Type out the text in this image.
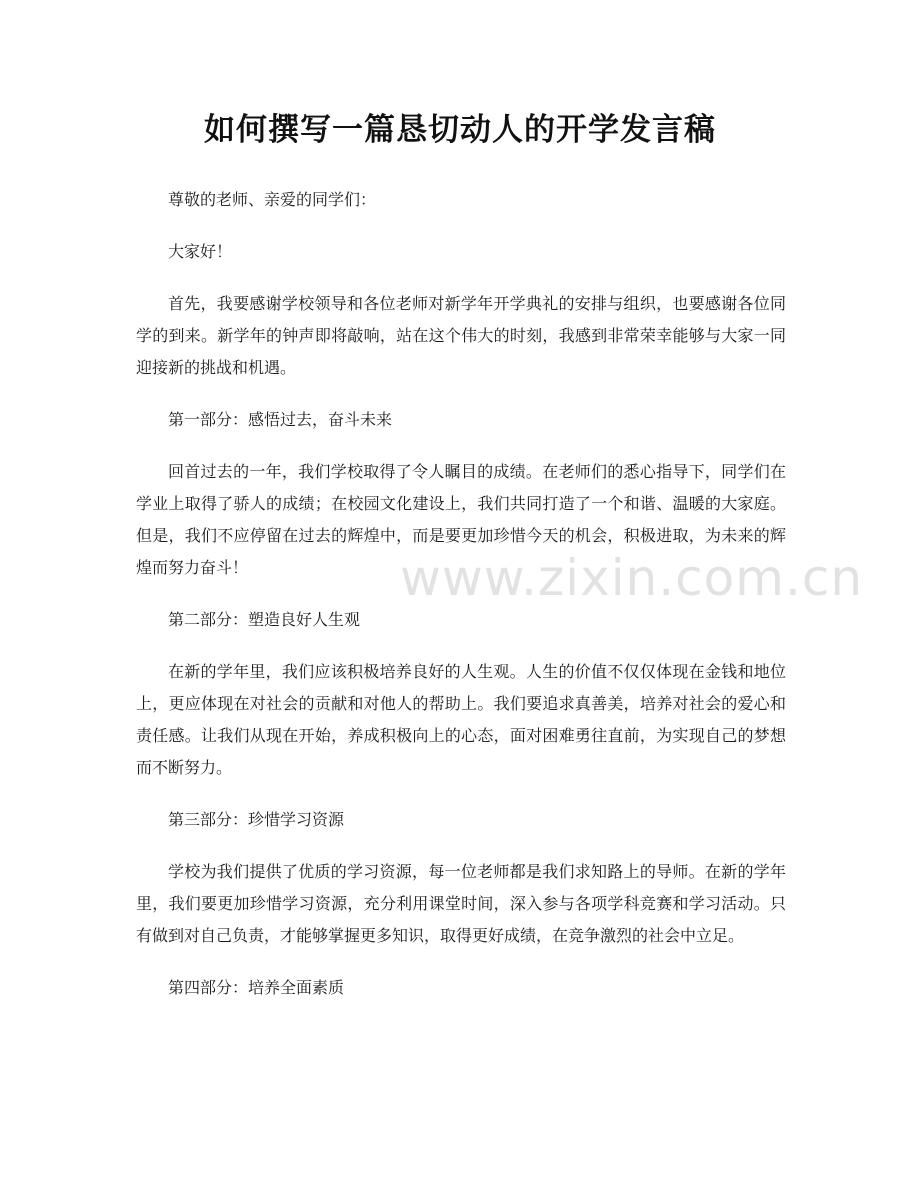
如何撰写一篇恳切动人的开学发言稿

尊敬的老师、亲爱的同学们：

大家好！

首先，我要感谢学校领导和各位老师对新学年开学典礼的安排与组织，也要感谢各位同学的到来。新学年的钟声即将敲响，站在这个伟大的时刻，我感到非常荣幸能够与大家一同迎接新的挑战和机遇。

第一部分：感悟过去，奋斗未来

回首过去的一年，我们学校取得了令人瞩目的成绩。在老师们的悉心指导下，同学们在学业上取得了骄人的成绩；在校园文化建设上，我们共同打造了一个和谐、温暖的大家庭。但是，我们不应停留在过去的辉煌中，而是要更加珍惜今天的机会，积极进取，为未来的辉煌而努力奋斗！

第二部分：塑造良好人生观

在新的学年里，我们应该积极培养良好的人生观。人生的价值不仅仅体现在金钱和地位上，更应体现在对社会的贡献和对他人的帮助上。我们要追求真善美，培养对社会的爱心和责任感。让我们从现在开始，养成积极向上的心态，面对困难勇往直前，为实现自己的梦想而不断努力。

第三部分：珍惜学习资源

学校为我们提供了优质的学习资源，每一位老师都是我们求知路上的导师。在新的学年里，我们要更加珍惜学习资源，充分利用课堂时间，深入参与各项学科竞赛和学习活动。只有做到对自己负责，才能够掌握更多知识，取得更好成绩，在竞争激烈的社会中立足。

第四部分：培养全面素质

www.zixin.com.cn
